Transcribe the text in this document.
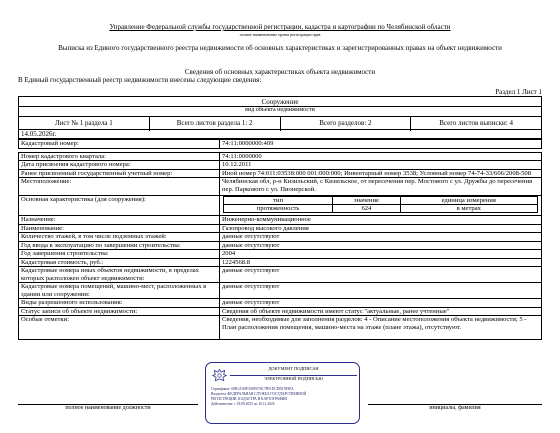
Управление Федеральной службы государственной регистрации, кадастра и картографии по Челябинской области
полное наименование органа регистрации прав
Выписка из Единого государственного реестра недвижимости об основных характеристиках и зарегистрированных правах на объект недвижимости
Сведения об основных характеристиках объекта недвижимости
В Единый государственный реестр недвижимости внесены следующие сведения:
Раздел 1 Лист 1
Сооружение
вид объекта недвижимости
Лист № 1 раздела 1	Всего листов раздела 1: 2	Всего разделов: 2	Всего листов выписки: 4
14.05.2026г.
Кадастровый номер:	74:11:0000000:409

Номер кадастрового квартала:	74:11:0000000
Дата присвоения кадастрового номера:	10.12.2011
Ранее присвоенный государственный учетный номер:	Иной номер 74:011:03538:000 001:000:000; Инвентарный номер 3538; Условный номер 74-74-33/606/2008-508
Местоположение:	Челябинская обл, р-н Кизильский, с Кизильское, от пересечения пер. Мостового с ул. Дружбы до пересечения пер. Паркового с ул. Пионерской.
Основная характеристика (для сооружения):		тип	значение	единица измерения
протяженность	624	в метрах

Назначение:	Инженерно-коммуникационное
Наименование:	Газопровод высокого давления
Количество этажей, в том числе подземных этажей:	данные отсутствуют
Год ввода в эксплуатацию по завершении строительства:	данные отсутствуют
Год завершения строительства:	2004
Кадастровая стоимость, руб.:	1224568.8
Кадастровые номера иных объектов недвижимости, в пределах которых расположен объект недвижимости:	данные отсутствуют
Кадастровые номера помещений, машино-мест, расположенных в здании или сооружении:	данные отсутствуют
Виды разрешенного использования:	данные отсутствуют
Статус записи об объекте недвижимости:	Сведения об объекте недвижимости имеют статус "актуальные, ранее учтенные"
Особые отметки:	Сведения, необходимые для заполнения разделов: 4 - Описание местоположения объекта недвижимости; 5 - План расположения помещения, машино-места на этаже (плане этажа), отсутствуют.
полное наименование должности	инициалы, фамилия
ДОКУМЕНТ ПОДПИСАН
ЭЛЕКТРОННОЙ ПОДПИСЬЮ
Сертификат: 00B1AA9F3A0F070C7B51DCDD19F3FA
Владелец: ФЕДЕРАЛЬНАЯ СЛУЖБА ГОСУДАРСТВЕННОЙ
РЕГИСТРАЦИИ, КАДАСТРА И КАРТОГРАФИИ
Действителен: с 18.09.2025 по 10.12.2026
